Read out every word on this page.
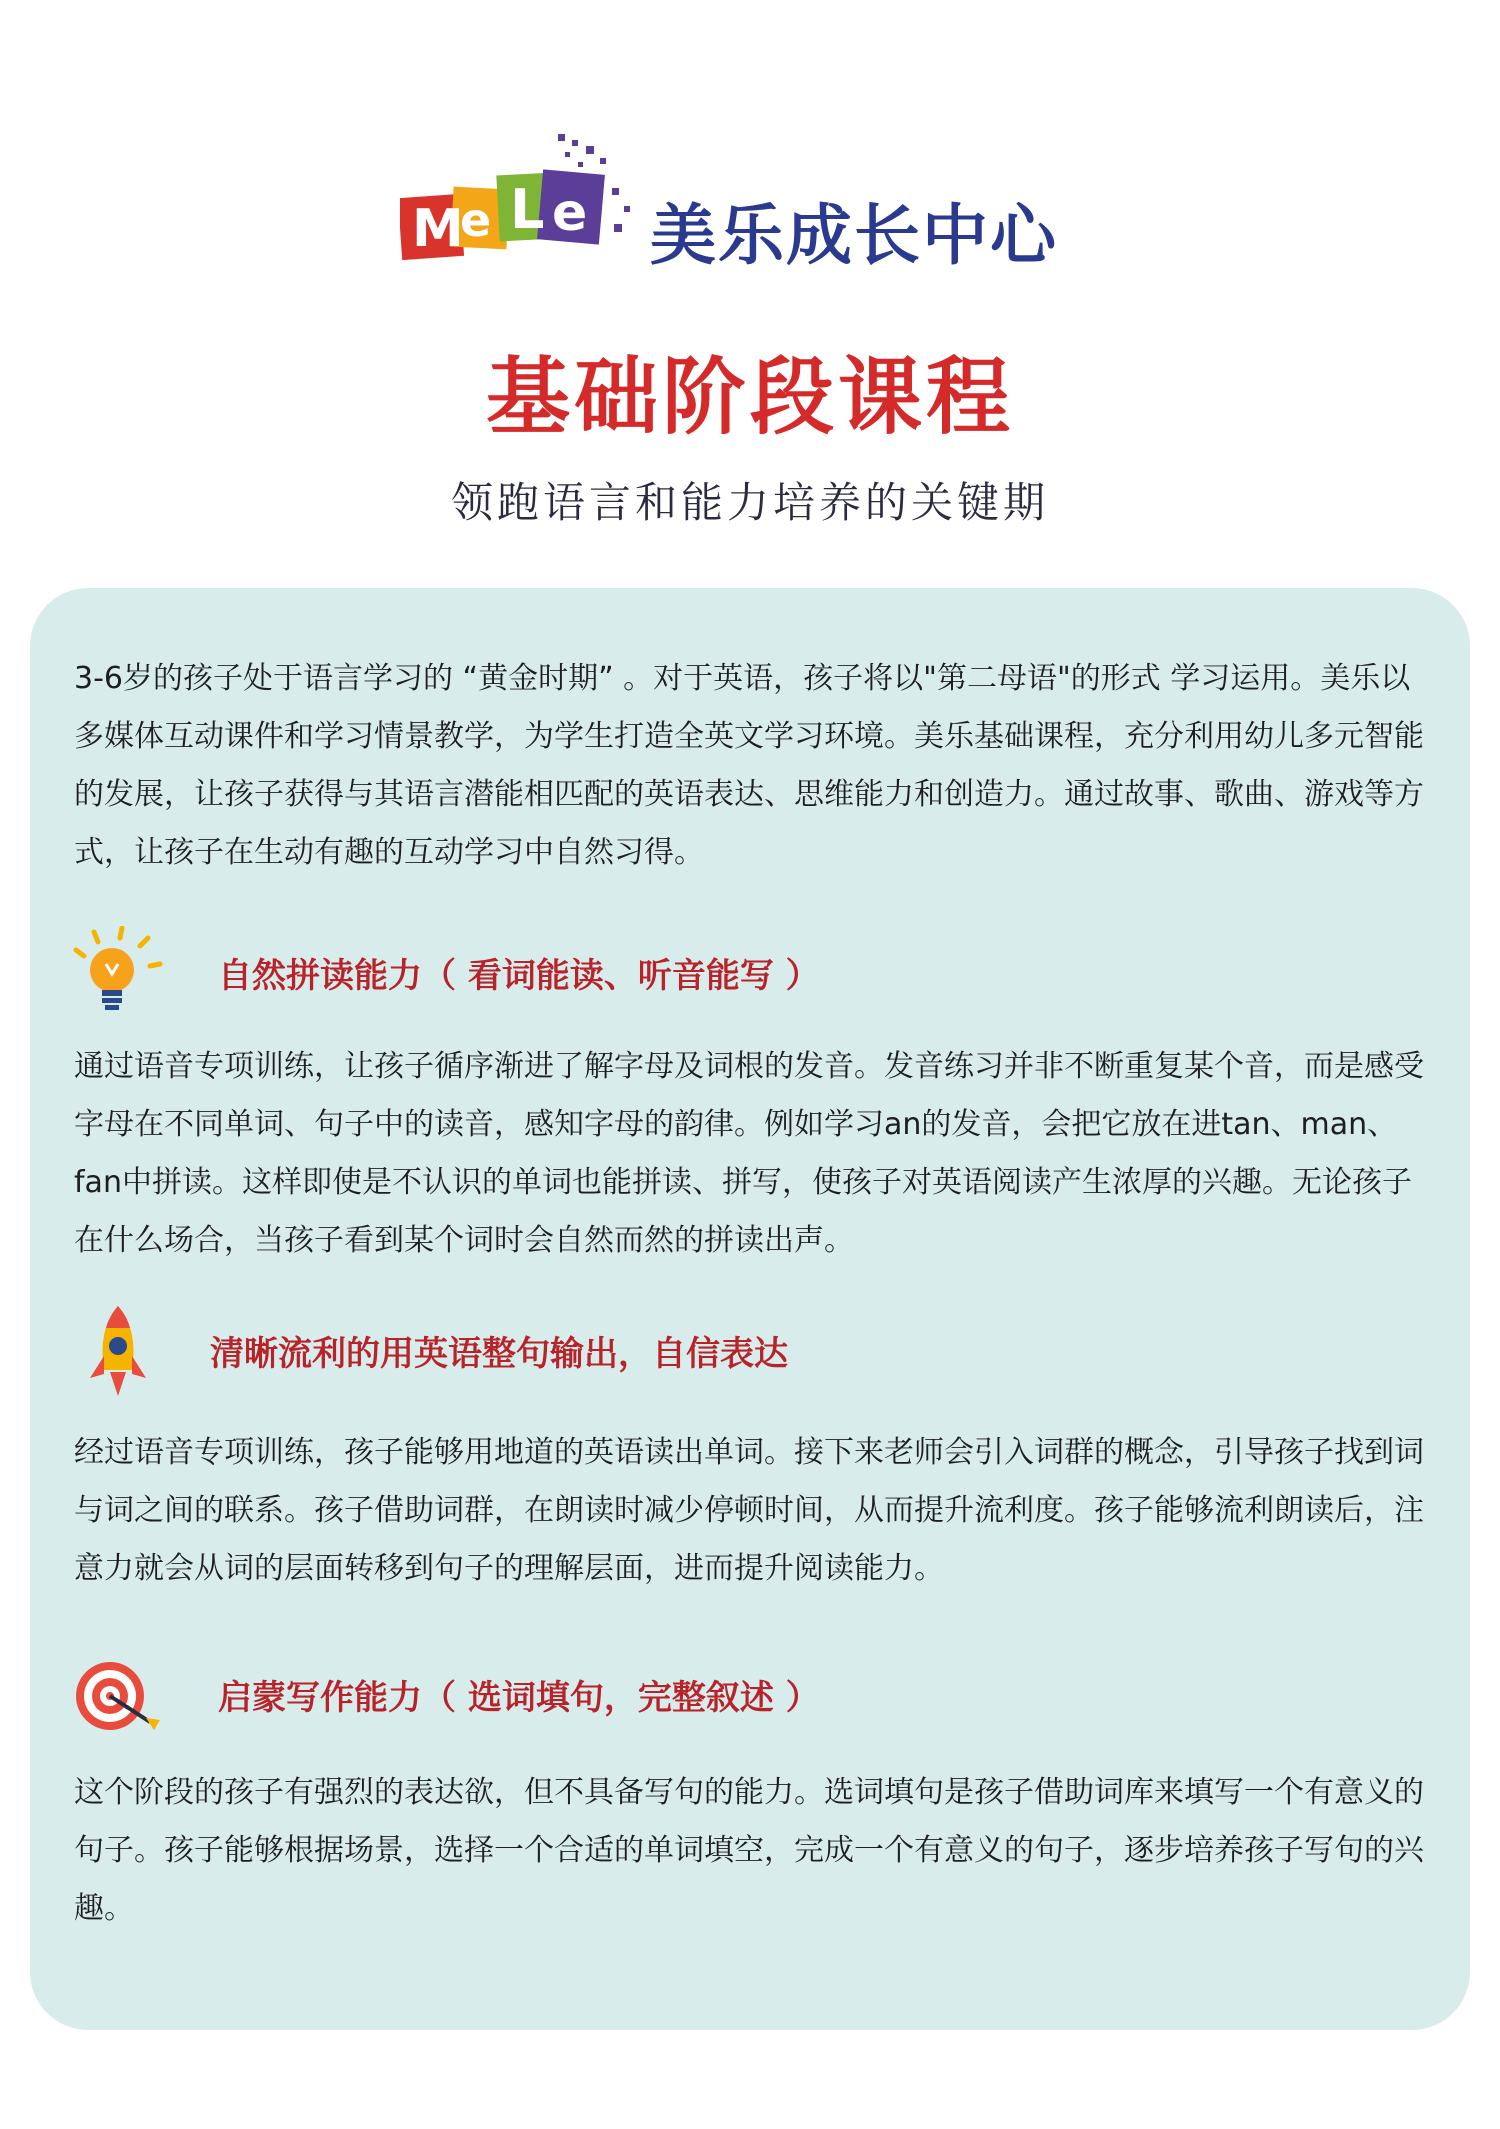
M
e L e 美乐成长中心
基础阶段课程

领跑语言和能力培养的关键期

3-6岁的孩子处于语言学习的 “黄金时期” 。对于英语，孩子将以"第二母语"的形式 学习运用。美乐以多媒体互动课件和学习情景教学，为学生打造全英文学习环境。美乐基础课程，充分利用幼儿多元智能的发展，让孩子获得与其语言潜能相匹配的英语表达、思维能力和创造力。通过故事、歌曲、游戏等方式，让孩子在生动有趣的互动学习中自然习得。

自然拼读能力（ 看词能读、听音能写 ）

通过语音专项训练，让孩子循序渐进了解字母及词根的发音。发音练习并非不断重复某个音，而是感受字母在不同单词、句子中的读音，感知字母的韵律。例如学习an的发音，会把它放在进tan、man、fan中拼读。这样即使是不认识的单词也能拼读、拼写，使孩子对英语阅读产生浓厚的兴趣。无论孩子在什么场合，当孩子看到某个词时会自然而然的拼读出声。

清晰流利的用英语整句输出，自信表达

经过语音专项训练，孩子能够用地道的英语读出单词。接下来老师会引入词群的概念，引导孩子找到词与词之间的联系。孩子借助词群，在朗读时减少停顿时间，从而提升流利度。孩子能够流利朗读后，注意力就会从词的层面转移到句子的理解层面，进而提升阅读能力。

启蒙写作能力（ 选词填句，完整叙述 ）

这个阶段的孩子有强烈的表达欲，但不具备写句的能力。选词填句是孩子借助词库来填写一个有意义的句子。孩子能够根据场景，选择一个合适的单词填空，完成一个有意义的句子，逐步培养孩子写句的兴趣。
